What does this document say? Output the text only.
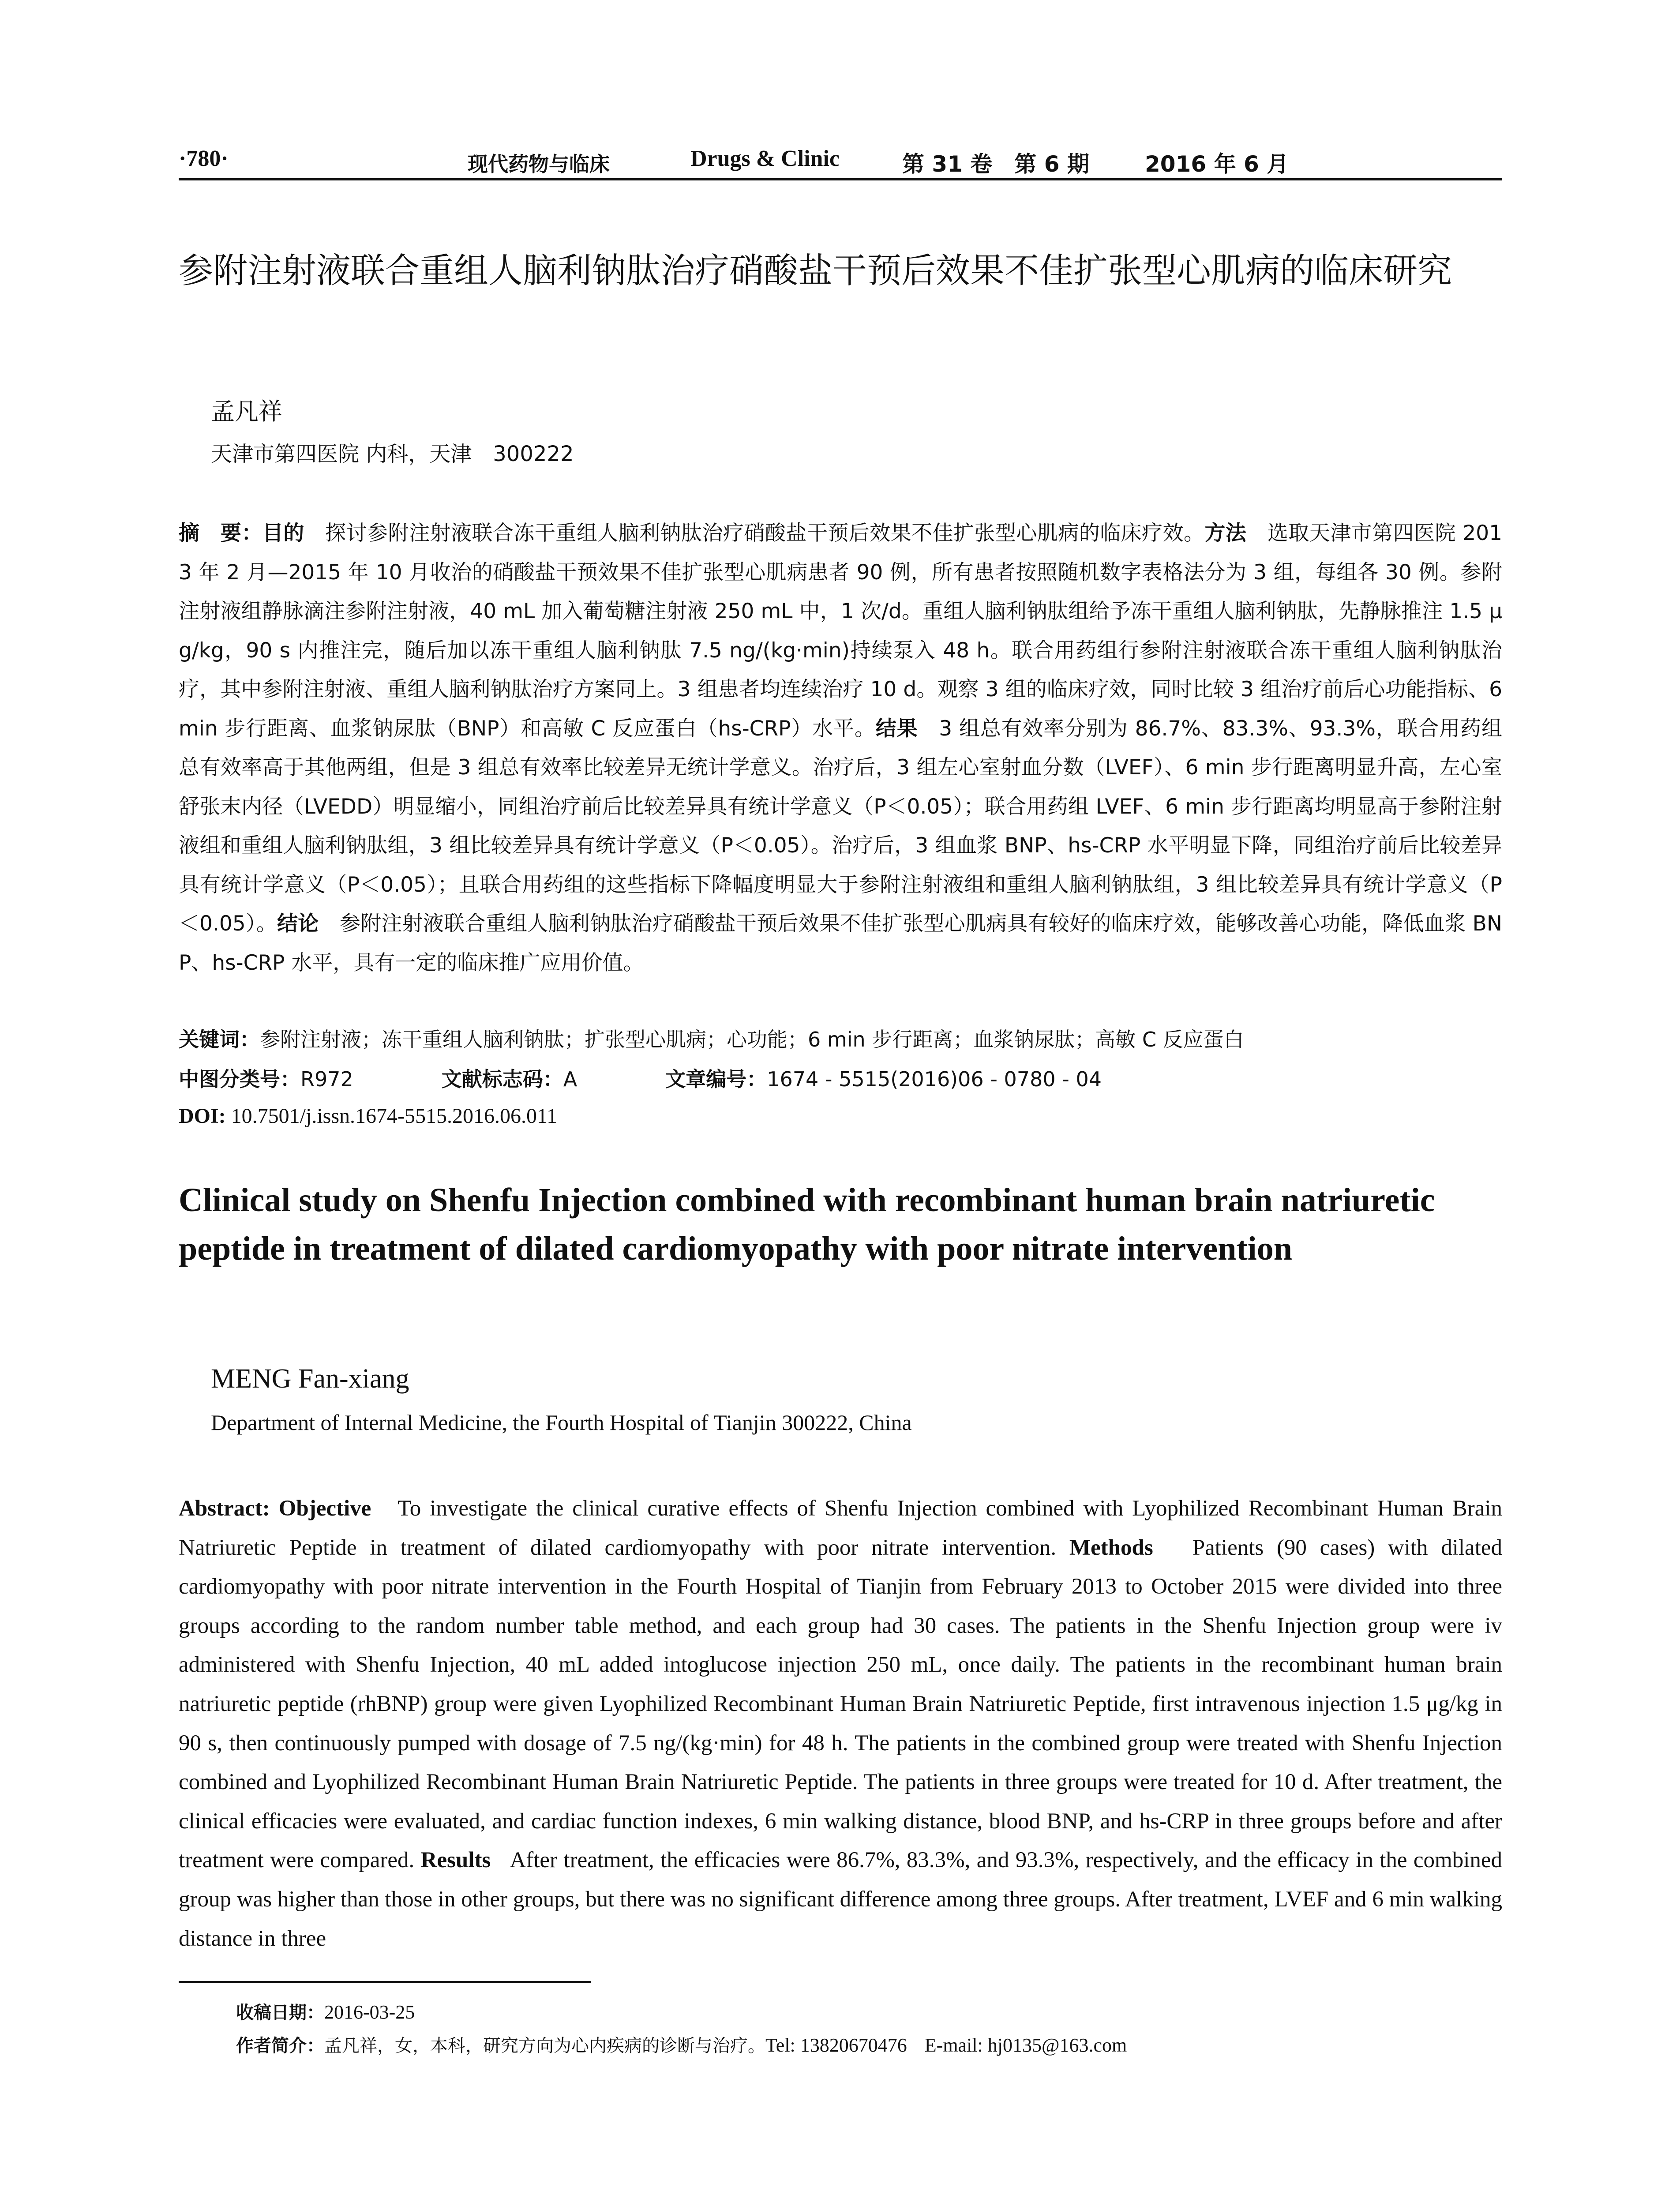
·780·	现代药物与临床	Drugs & Clinic	第 31 卷　第 6 期	2016 年 6 月
参附注射液联合重组人脑利钠肽治疗硝酸盐干预后效果不佳扩张型心肌病的临床研究
孟凡祥
天津市第四医院 内科，天津　300222
摘　要：目的　 探讨参附注射液联合冻干重组人脑利钠肽治疗硝酸盐干预后效果不佳扩张型心肌病的临床疗效。方法　 选取天津市第四医院 2013 年 2 月—2015 年 10 月收治的硝酸盐干预效果不佳扩张型心肌病患者 90 例，所有患者按照随机数字表格法分为 3 组，每组各 30 例。参附注射液组静脉滴注参附注射液，40 mL 加入葡萄糖注射液 250 mL 中，1 次/d。重组人脑利钠肽组给予冻干重组人脑利钠肽，先静脉推注 1.5 μg/kg，90 s 内推注完，随后加以冻干重组人脑利钠肽 7.5 ng/(kg·min)持续泵入 48 h。联合用药组行参附注射液联合冻干重组人脑利钠肽治疗，其中参附注射液、重组人脑利钠肽治疗方案同上。3 组患者均连续治疗 10 d。观察 3 组的临床疗效，同时比较 3 组治疗前后心功能指标、6 min 步行距离、血浆钠尿肽（BNP）和高敏 C 反应蛋白（hs-CRP）水平。结果　 3 组总有效率分别为 86.7%、83.3%、93.3%，联合用药组总有效率高于其他两组，但是 3 组总有效率比较差异无统计学意义。治疗后，3 组左心室射血分数（LVEF）、6 min 步行距离明显升高，左心室舒张末内径（LVEDD）明显缩小，同组治疗前后比较差异具有统计学意义（P＜0.05）；联合用药组 LVEF、6 min 步行距离均明显高于参附注射液组和重组人脑利钠肽组，3 组比较差异具有统计学意义（P＜0.05）。治疗后，3 组血浆 BNP、hs-CRP 水平明显下降，同组治疗前后比较差异具有统计学意义（P＜0.05）；且联合用药组的这些指标下降幅度明显大于参附注射液组和重组人脑利钠肽组，3 组比较差异具有统计学意义（P＜0.05）。结论　 参附注射液联合重组人脑利钠肽治疗硝酸盐干预后效果不佳扩张型心肌病具有较好的临床疗效，能够改善心功能，降低血浆 BNP、hs-CRP 水平，具有一定的临床推广应用价值。
关键词：参附注射液；冻干重组人脑利钠肽；扩张型心肌病；心功能；6 min 步行距离；血浆钠尿肽；高敏 C 反应蛋白
中图分类号：R972	文献标志码：A	文章编号：1674 - 5515(2016)06 - 0780 - 04
DOI: 10.7501/j.issn.1674-5515.2016.06.011
Clinical study on Shenfu Injection combined with recombinant human brain natriuretic peptide in treatment of dilated cardiomyopathy with poor nitrate intervention
MENG Fan-xiang
Department of Internal Medicine, the Fourth Hospital of Tianjin 300222, China
Abstract: Objective To investigate the clinical curative effects of Shenfu Injection combined with Lyophilized Recombinant Human Brain Natriuretic Peptide in treatment of dilated cardiomyopathy with poor nitrate intervention. Methods Patients (90 cases) with dilated cardiomyopathy with poor nitrate intervention in the Fourth Hospital of Tianjin from February 2013 to October 2015 were divided into three groups according to the random number table method, and each group had 30 cases. The patients in the Shenfu Injection group were iv administered with Shenfu Injection, 40 mL added intoglucose injection 250 mL, once daily. The patients in the recombinant human brain natriuretic peptide (rhBNP) group were given Lyophilized Recombinant Human Brain Natriuretic Peptide, first intravenous injection 1.5 μg/kg in 90 s, then continuously pumped with dosage of 7.5 ng/(kg·min) for 48 h. The patients in the combined group were treated with Shenfu Injection combined and Lyophilized Recombinant Human Brain Natriuretic Peptide. The patients in three groups were treated for 10 d. After treatment, the clinical efficacies were evaluated, and cardiac function indexes, 6 min walking distance, blood BNP, and hs-CRP in three groups before and after treatment were compared. Results After treatment, the efficacies were 86.7%, 83.3%, and 93.3%, respectively, and the efficacy in the combined group was higher than those in other groups, but there was no significant difference among three groups. After treatment, LVEF and 6 min walking distance in three
收稿日期：2016-03-25
作者简介：孟凡祥，女，本科，研究方向为心内疾病的诊断与治疗。Tel: 13820670476 E-mail: hj0135@163.com
